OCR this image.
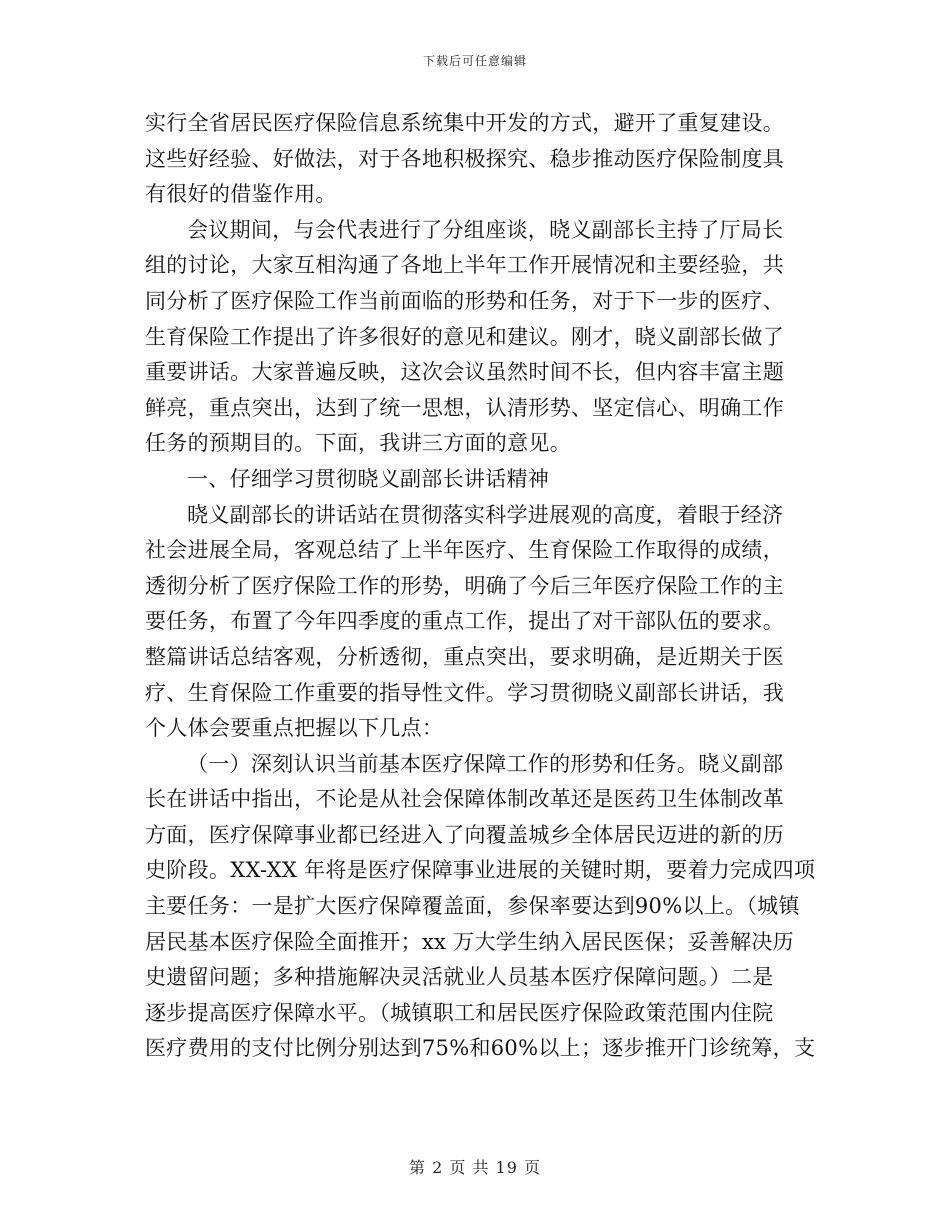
下载后可任意编辑
实行全省居民医疗保险信息系统集中开发的方式，避开了重复建设。
这些好经验、好做法，对于各地积极探究、稳步推动医疗保险制度具
有很好的借鉴作用。
会议期间，与会代表进行了分组座谈，晓义副部长主持了厅局长
组的讨论，大家互相沟通了各地上半年工作开展情况和主要经验，共
同分析了医疗保险工作当前面临的形势和任务，对于下一步的医疗、
生育保险工作提出了许多很好的意见和建议。刚才，晓义副部长做了
重要讲话。大家普遍反映，这次会议虽然时间不长，但内容丰富主题
鲜亮，重点突出，达到了统一思想，认清形势、坚定信心、明确工作
任务的预期目的。下面，我讲三方面的意见。
一、仔细学习贯彻晓义副部长讲话精神
晓义副部长的讲话站在贯彻落实科学进展观的高度，着眼于经济
社会进展全局，客观总结了上半年医疗、生育保险工作取得的成绩，
透彻分析了医疗保险工作的形势，明确了今后三年医疗保险工作的主
要任务，布置了今年四季度的重点工作，提出了对干部队伍的要求。
整篇讲话总结客观，分析透彻，重点突出，要求明确，是近期关于医
疗、生育保险工作重要的指导性文件。学习贯彻晓义副部长讲话，我
个人体会要重点把握以下几点：
（一）深刻认识当前基本医疗保障工作的形势和任务。晓义副部
长在讲话中指出，不论是从社会保障体制改革还是医药卫生体制改革
方面，医疗保障事业都已经进入了向覆盖城乡全体居民迈进的新的历
史阶段。XX-XX 年将是医疗保障事业进展的关键时期，要着力完成四项
主要任务：一是扩大医疗保障覆盖面，参保率要达到90%以上。（城镇
居民基本医疗保险全面推开；xx 万大学生纳入居民医保；妥善解决历
史遗留问题；多种措施解决灵活就业人员基本医疗保障问题。）二是
逐步提高医疗保障水平。（城镇职工和居民医疗保险政策范围内住院
医疗费用的支付比例分别达到75%和60%以上；逐步推开门诊统筹，支
第 2 页 共 19 页
